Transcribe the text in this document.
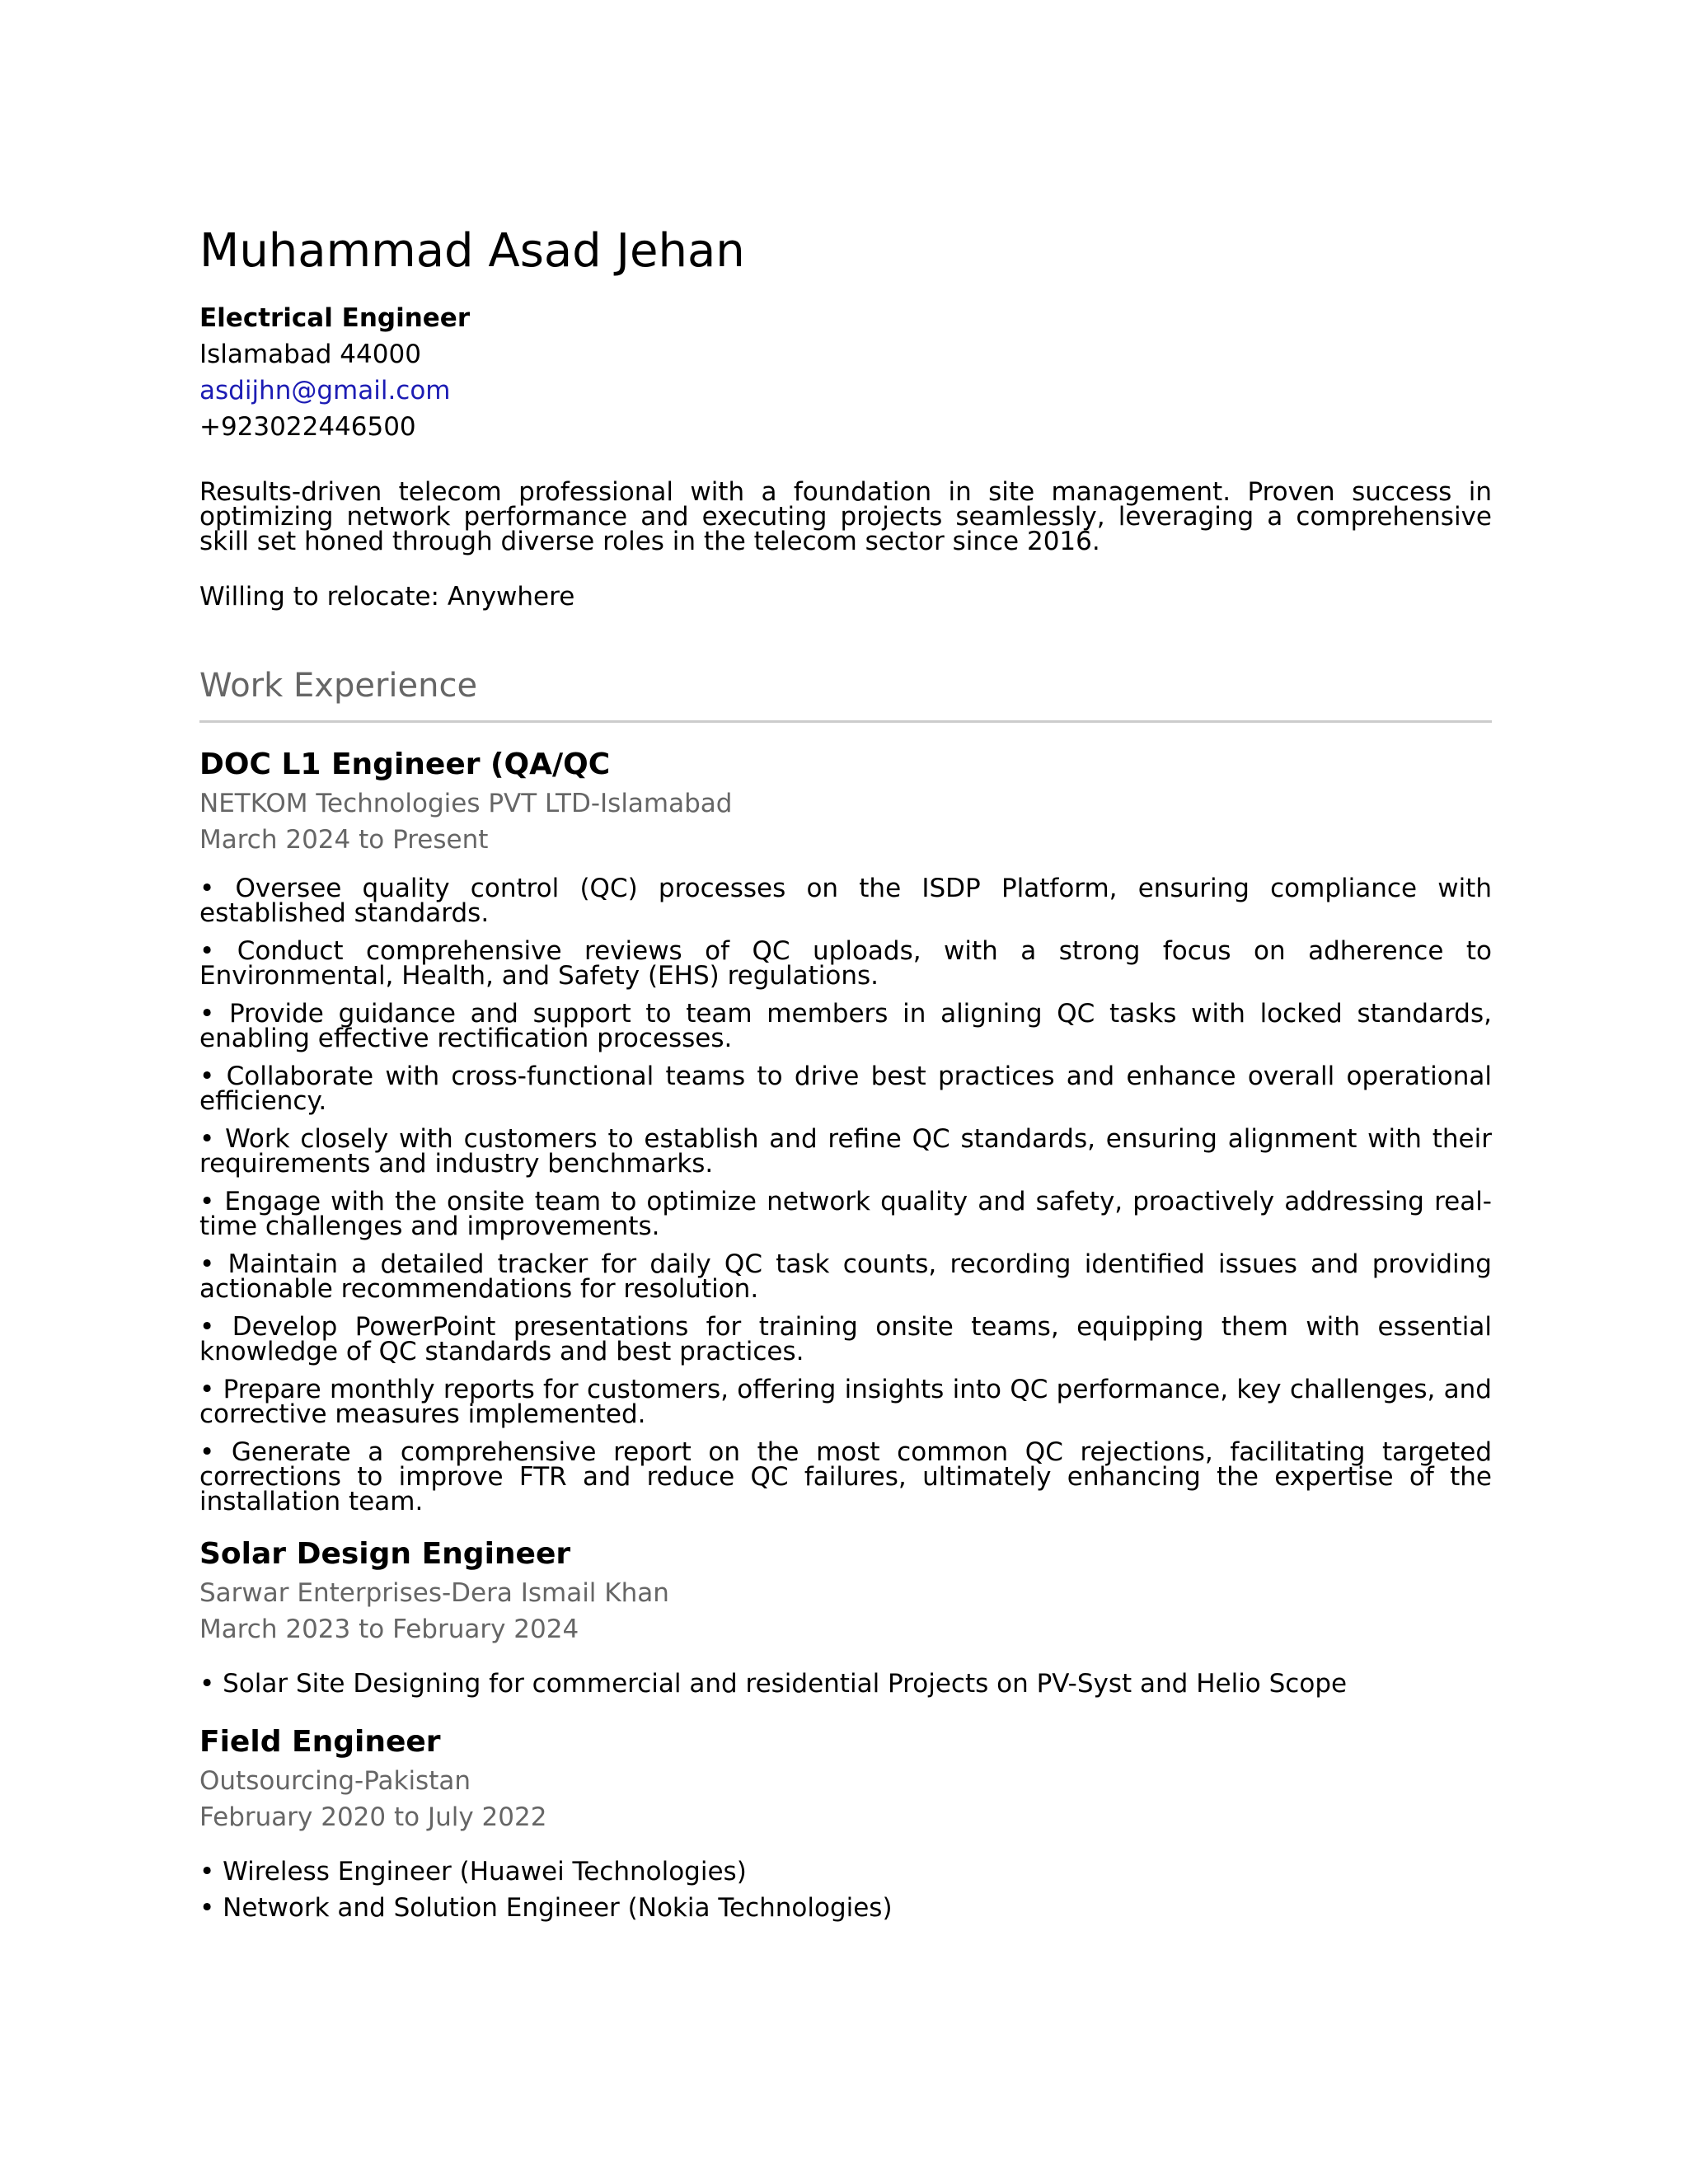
Muhammad Asad Jehan
Electrical Engineer
Islamabad 44000
asdijhn@gmail.com
+923022446500
Results-driven telecom professional with a foundation in site management. Proven success in optimizing network performance and executing projects seamlessly, leveraging a comprehensive skill set honed through diverse roles in the telecom sector since 2016.
Willing to relocate: Anywhere
Work Experience
DOC L1 Engineer (QA/QC
NETKOM Technologies PVT LTD-Islamabad
March 2024 to Present
• Oversee quality control (QC) processes on the ISDP Platform, ensuring compliance with established standards.
• Conduct comprehensive reviews of QC uploads, with a strong focus on adherence to Environmental, Health, and Safety (EHS) regulations.
• Provide guidance and support to team members in aligning QC tasks with locked standards, enabling effective rectification processes.
• Collaborate with cross-functional teams to drive best practices and enhance overall operational efficiency.
• Work closely with customers to establish and refine QC standards, ensuring alignment with their requirements and industry benchmarks.
• Engage with the onsite team to optimize network quality and safety, proactively addressing real-time challenges and improvements.
• Maintain a detailed tracker for daily QC task counts, recording identified issues and providing actionable recommendations for resolution.
• Develop PowerPoint presentations for training onsite teams, equipping them with essential knowledge of QC standards and best practices.
• Prepare monthly reports for customers, offering insights into QC performance, key challenges, and corrective measures implemented.
• Generate a comprehensive report on the most common QC rejections, facilitating targeted corrections to improve FTR and reduce QC failures, ultimately enhancing the expertise of the installation team.
Solar Design Engineer
Sarwar Enterprises-Dera Ismail Khan
March 2023 to February 2024
• Solar Site Designing for commercial and residential Projects on PV-Syst and Helio Scope
Field Engineer
Outsourcing-Pakistan
February 2020 to July 2022
• Wireless Engineer (Huawei Technologies)
• Network and Solution Engineer (Nokia Technologies)
